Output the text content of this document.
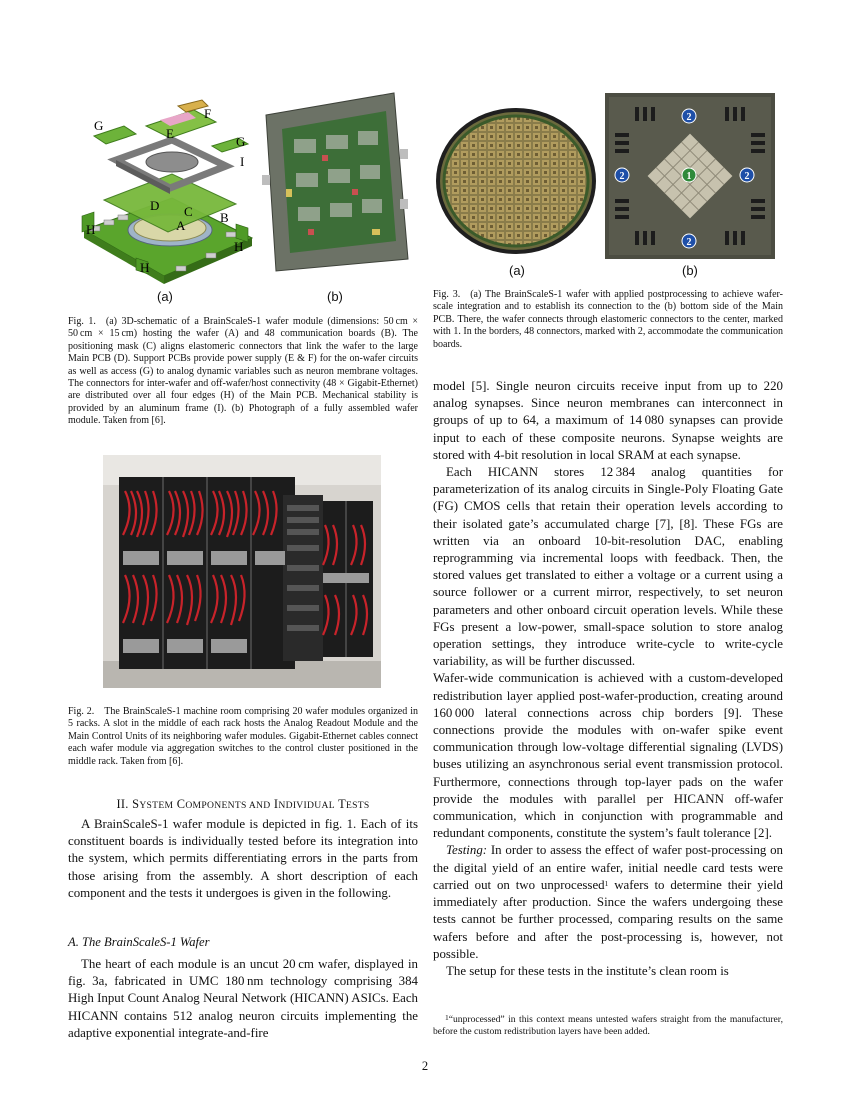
G
F
G
I
E
D C
A
B
H
H
H
(a)	(b)

Fig. 1. (a) 3D-schematic of a BrainScaleS-1 wafer module (dimensions: 50 cm × 50 cm × 15 cm) hosting the wafer (A) and 48 communication boards (B). The positioning mask (C) aligns elastomeric connectors that link the wafer to the large Main PCB (D). Support PCBs provide power supply (E & F) for the on-wafer circuits as well as access (G) to analog dynamic variables such as neuron membrane voltages. The connectors for inter-wafer and off-wafer/host connectivity (48 × Gigabit-Ethernet) are distributed over all four edges (H) of the Main PCB. Mechanical stability is provided by an aluminum frame (I). (b) Photograph of a fully assembled wafer module. Taken from [6].

Fig. 2. The BrainScaleS-1 machine room comprising 20 wafer modules organized in 5 racks. A slot in the middle of each rack hosts the Analog Readout Module and the Main Control Units of its neighboring wafer modules. Gigabit-Ethernet cables connect each wafer module via aggregation switches to the control cluster positioned in the middle rack. Taken from [6].

II. SYSTEM COMPONENTS AND INDIVIDUAL TESTS

A BrainScaleS-1 wafer module is depicted in fig. 1. Each of its constituent boards is individually tested before its integration into the system, which permits differentiating errors in the parts from those arising from the assembly. A short description of each component and the tests it undergoes is given in the following.

A. The BrainScaleS-1 Wafer

The heart of each module is an uncut 20 cm wafer, displayed in fig. 3a, fabricated in UMC 180 nm technology comprising 384 High Input Count Analog Neural Network (HICANN) ASICs. Each HICANN contains 512 analog neuron circuits implementing the adaptive exponential integrate-and-fire

2
2	1	2
2
(a)	(b)

Fig. 3. (a) The BrainScaleS-1 wafer with applied postprocessing to achieve wafer-scale integration and to establish its connection to the (b) bottom side of the Main PCB. There, the wafer connects through elastomeric connectors to the center, marked with 1. In the borders, 48 connectors, marked with 2, accommodate the communication boards.

model [5]. Single neuron circuits receive input from up to 220 analog synapses. Since neuron membranes can interconnect in groups of up to 64, a maximum of 14 080 synapses can provide input to each of these composite neurons. Synapse weights are stored with 4-bit resolution in local SRAM at each synapse.

Each HICANN stores 12 384 analog quantities for parameterization of its analog circuits in Single-Poly Floating Gate (FG) CMOS cells that retain their operation levels according to their isolated gate’s accumulated charge [7], [8]. These FGs are written via an onboard 10-bit-resolution DAC, enabling reprogramming via incremental loops with feedback. Then, the stored values get translated to either a voltage or a current using a source follower or a current mirror, respectively, to set neuron parameters and other onboard circuit operation levels. While these FGs present a low-power, small-space solution to store analog operation settings, they introduce write-cycle to write-cycle variability, as will be further discussed.

Wafer-wide communication is achieved with a custom-developed redistribution layer applied post-wafer-production, creating around 160 000 lateral connections across chip borders [9]. These connections provide the modules with on-wafer spike event communication through low-voltage differential signaling (LVDS) buses utilizing an asynchronous serial event transmission protocol. Furthermore, connections through top-layer pads on the wafer provide the modules with parallel per HICANN off-wafer communication, which in conjunction with programmable and redundant components, constitute the system’s fault tolerance [2].

Testing: In order to assess the effect of wafer post-processing on the digital yield of an entire wafer, initial needle card tests were carried out on two unprocessed$^1$ wafers to determine their yield immediately after production. Since the wafers undergoing these tests cannot be further processed, comparing results on the same wafers before and after the post-processing is, however, not possible.

The setup for these tests in the institute’s clean room is

$^1$“unprocessed” in this context means untested wafers straight from the manufacturer, before the custom redistribution layers have been added.
2
